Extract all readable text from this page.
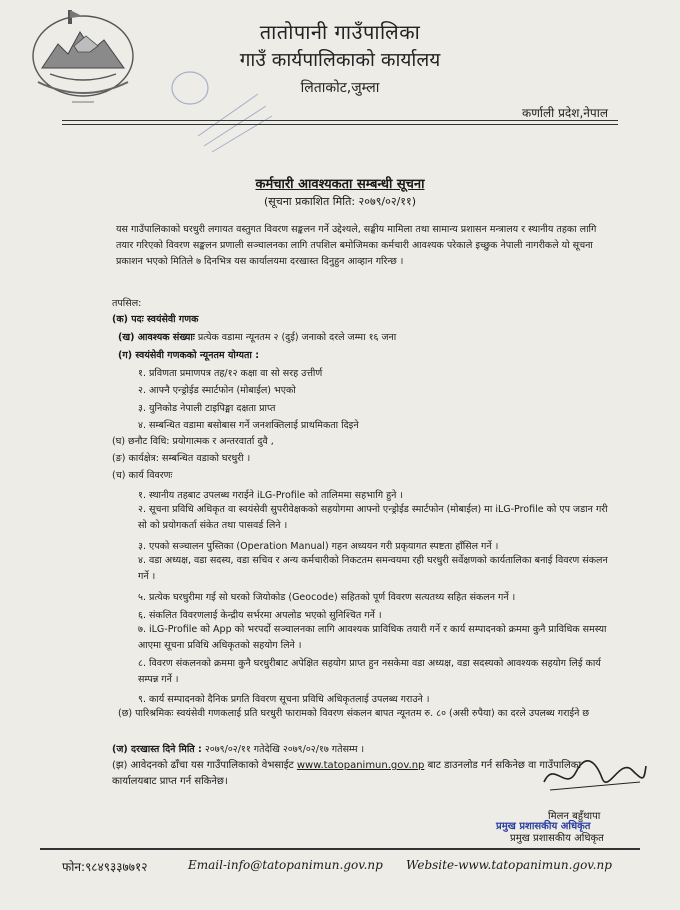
तातोपानी गाउँपालिका
गाउँ कार्यपालिकाको कार्यालय
लिताकोट,जुम्ला
कर्णाली प्रदेश,नेपाल
कर्मचारी आवश्यकता सम्बन्धी सूचना
(सूचना प्रकाशित मिति: २०७९/०२/११)
यस गाउँपालिकाको घरधुरी लगायत वस्तुगत विवरण सङ्कलन गर्ने उद्देश्यले, सङ्घीय मामिला तथा सामान्य प्रशासन मन्त्रालय र स्थानीय तहका लागि तयार गरिएको विवरण सङ्कलन प्रणाली सञ्चालनका लागि तपशिल बमोजिमका कर्मचारी आवश्यक परेकाले इच्छुक नेपाली नागरीकले यो सूचना प्रकाशन भएको मितिले ७ दिनभित्र यस कार्यालयमा दरखास्त दिनुहुन आव्हान गरिन्छ ।
तपसिल:
(क) पदः स्वयंसेवी गणक
(ख) आवश्यक संख्याः प्रत्येक वडामा न्यूनतम २ (दुई) जनाको दरले जम्मा १६ जना
(ग) स्वयंसेवी गणकको न्यूनतम योग्यता :
१. प्रविणता प्रमाणपत्र तह/१२ कक्षा वा सो सरह उत्तीर्ण
२. आफ्नै एन्ड्रोईड स्मार्टफोन (मोबाईल) भएको
३. युनिकोड नेपाली टाइपिङ्मा दक्षता प्राप्त
४. सम्बन्धित वडामा बसोबास गर्ने जनशक्तिलाई प्राथमिकता दिइने
(घ) छनौट विधि: प्रयोगात्मक र अन्तरवार्ता दुवै ,
(ङ) कार्यक्षेत्र: सम्बन्धित वडाको घरधुरी ।
(च) कार्य विवरणः
१. स्थानीय तहबाट उपलब्ध गराईने iLG-Profile को तालिममा सहभागि हुने ।
२. सूचना प्रविधि अधिकृत वा स्वयंसेवी सुपरीवेक्षकको सहयोगमा आफ्नो एन्ड्रोईड स्मार्टफोन (मोबाईल) मा iLG-Profile को एप जडान गरी सो को प्रयोगकर्ता संकेत तथा पासवर्ड लिने ।
३. एपको सञ्चालन पुस्तिका (Operation Manual) गहन अध्ययन गरी प्रकृयागत स्पष्टता हाँसिल गर्ने ।
४. वडा अध्यक्ष, वडा सदस्य, वडा सचिव र अन्य कर्मचारीको निकटतम समन्वयमा रही घरधुरी सर्वेक्षणको कार्यतालिका बनाई विवरण संकलन गर्ने ।
५. प्रत्येक घरधुरीमा गई सो घरको जियोकोड (Geocode) सहितको पूर्ण विवरण सत्यतथ्य सहित संकलन गर्ने ।
६. संकलित विवरणलाई केन्द्रीय सर्भरमा अपलोड भएको सुनिश्चित गर्ने ।
७. iLG-Profile को App को भरपर्दो सञ्चालनका लागि आवश्यक प्राविधिक तयारी गर्ने र कार्य सम्पादनको क्रममा कुनै प्राविधिक समस्या आएमा सूचना प्रविधि अधिकृतको सहयोग लिने ।
८. विवरण संकलनको क्रममा कुनै घरधुरीबाट अपेक्षित सहयोग प्राप्त हुन नसकेमा वडा अध्यक्ष, वडा सदस्यको आवश्यक सहयोग लिई कार्य सम्पन्न गर्ने ।
९. कार्य सम्पादनको दैनिक प्रगति विवरण सूचना प्रविधि अधिकृतलाई उपलब्ध गराउने ।
(छ) पारिश्रमिकः स्वयंसेवी गणकलाई प्रति घरधुरी फारामको विवरण संकलन बापत न्यूनतम रु. ८० (असी रुपैया) का दरले उपलब्ध गराईने छ
(ज) दरखास्त दिने मिति : २०७९/०२/११ गतेदेखि २०७९/०२/१७ गतेसम्म ।
(झ) आवेदनको ढाँचा यस गाउँपालिकाको वेभसाईट www.tatopanimun.gov.np बाट डाउनलोड गर्न सकिनेछ वा गाउँपालिका कार्यालयबाट प्राप्त गर्न सकिनेछ।
मिलन बहुँथापा
प्रमुख प्रशासकीय अधिकृत
प्रमुख प्रशासकीय अधिकृत
फोन:९८४९३३७७१२	Email-info@tatopanimun.gov.np Website-www.tatopanimun.gov.np
